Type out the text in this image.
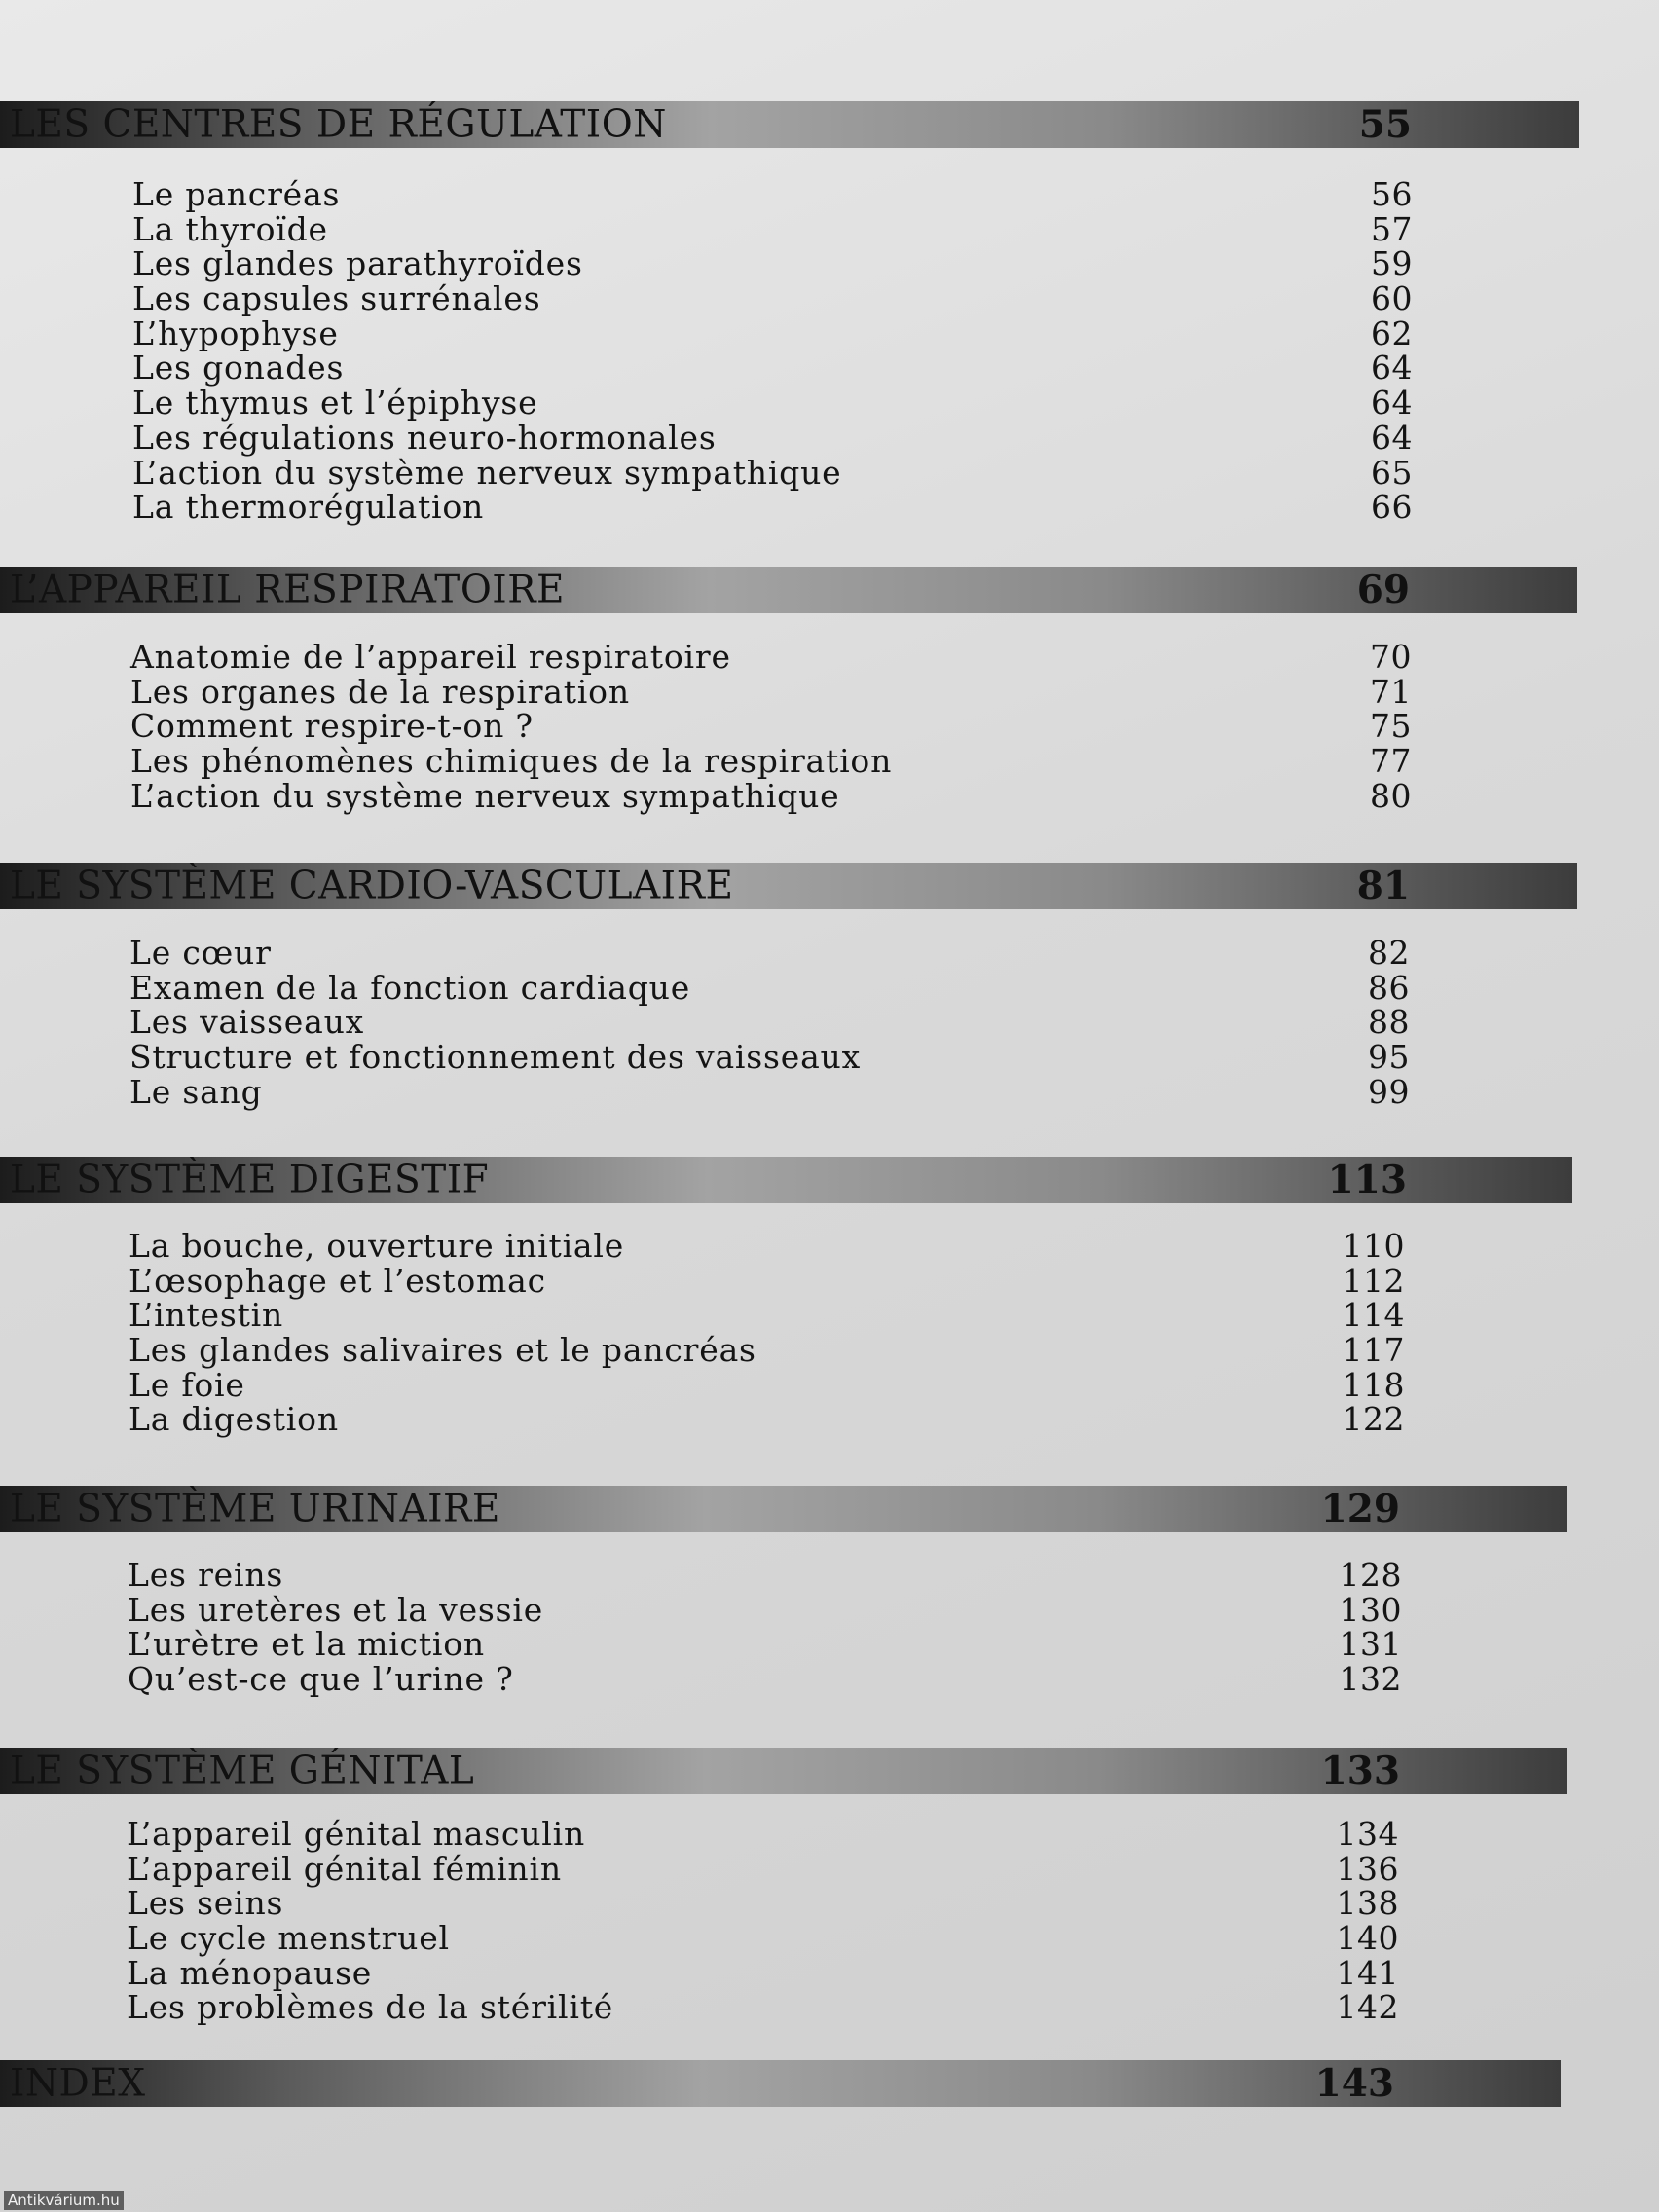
LES CENTRES DE RÉGULATION	55
Le pancréas	56
La thyroïde	57
Les glandes parathyroïdes	59
Les capsules surrénales	60
L’hypophyse	62
Les gonades	64
Le thymus et l’épiphyse	64
Les régulations neuro-hormonales	64
L’action du système nerveux sympathique	65
La thermorégulation	66
L’APPAREIL RESPIRATOIRE	69
Anatomie de l’appareil respiratoire	70
Les organes de la respiration	71
Comment respire-t-on ?	75
Les phénomènes chimiques de la respiration	77
L’action du système nerveux sympathique	80
LE SYSTÈME CARDIO-VASCULAIRE	81
Le cœur	82
Examen de la fonction cardiaque	86
Les vaisseaux	88
Structure et fonctionnement des vaisseaux	95
Le sang	99
LE SYSTÈME DIGESTIF	113
La bouche, ouverture initiale	110
L’œsophage et l’estomac	112
L’intestin	114
Les glandes salivaires et le pancréas	117
Le foie	118
La digestion	122
LE SYSTÈME URINAIRE	129
Les reins	128
Les uretères et la vessie	130
L’urètre et la miction	131
Qu’est-ce que l’urine ?	132
LE SYSTÈME GÉNITAL	133
L’appareil génital masculin	134
L’appareil génital féminin	136
Les seins	138
Le cycle menstruel	140
La ménopause	141
Les problèmes de la stérilité	142
INDEX	143
Antikvárium.hu
